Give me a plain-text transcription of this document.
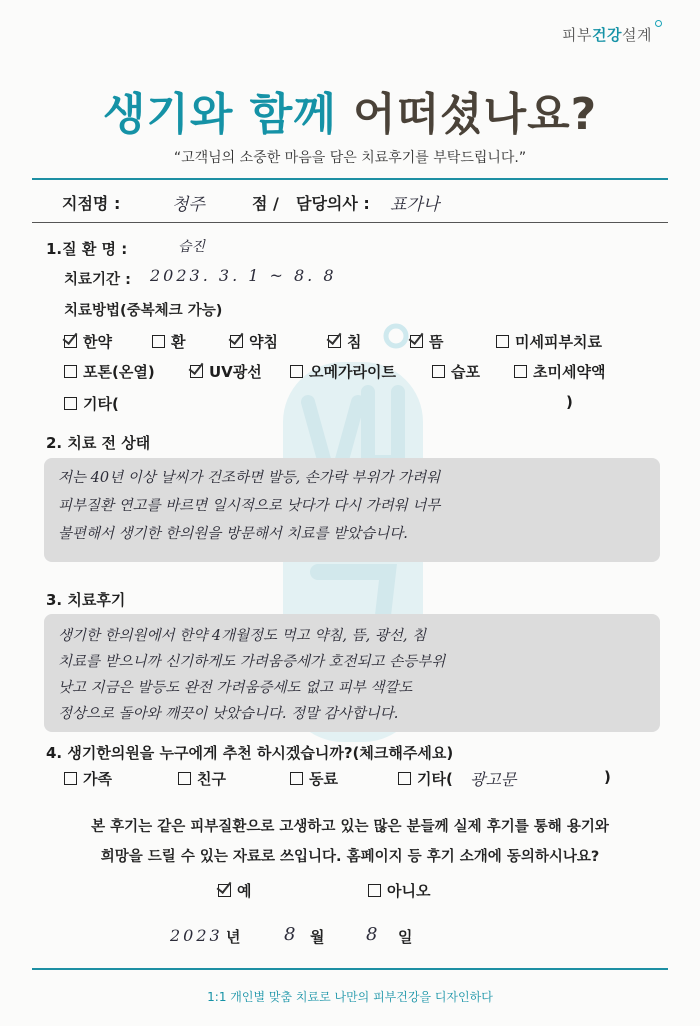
피부건강설계
생기와 함께 어떠셨나요?
“고객님의 소중한 마음을 담은 치료후기를 부탁드립니다.”
지점명 :	청주	점 / 담당의사 : 표가나
1.질 환 명 :	습진
치료기간 : 2023. 3. 1 ~ 8. 8
치료방법(중복체크 가능)
한약	환	약침	침	뜸	미세피부치료
포톤(온열)	UV광선	오메가라이트	습포	초미세약액
기타(	)
2. 치료 전 상태
저는 40년 이상 날씨가 건조하면 발등, 손가락 부위가 가려워
피부질환 연고를 바르면 일시적으로 낫다가 다시 가려워 너무
불편해서 생기한 한의원을 방문해서 치료를 받았습니다.
3. 치료후기
생기한 한의원에서 한약 4개월정도 먹고 약침, 뜸, 광선, 침
치료를 받으니까 신기하게도 가려움증세가 호전되고 손등부위
낫고 지금은 발등도 완전 가려움증세도 없고 피부 색깔도
정상으로 돌아와 깨끗이 낫았습니다. 정말 감사합니다.
4. 생기한의원을 누구에게 추천 하시겠습니까?(체크해주세요)
가족	친구	동료	기타( 광고문	)
본 후기는 같은 피부질환으로 고생하고 있는 많은 분들께 실제 후기를 통해 용기와
희망을 드릴 수 있는 자료로 쓰입니다. 홈페이지 등 후기 소개에 동의하시나요?
예	아니오
2023 년 8 월 8 일
1:1 개인별 맞춤 치료로 나만의 피부건강을 디자인하다
